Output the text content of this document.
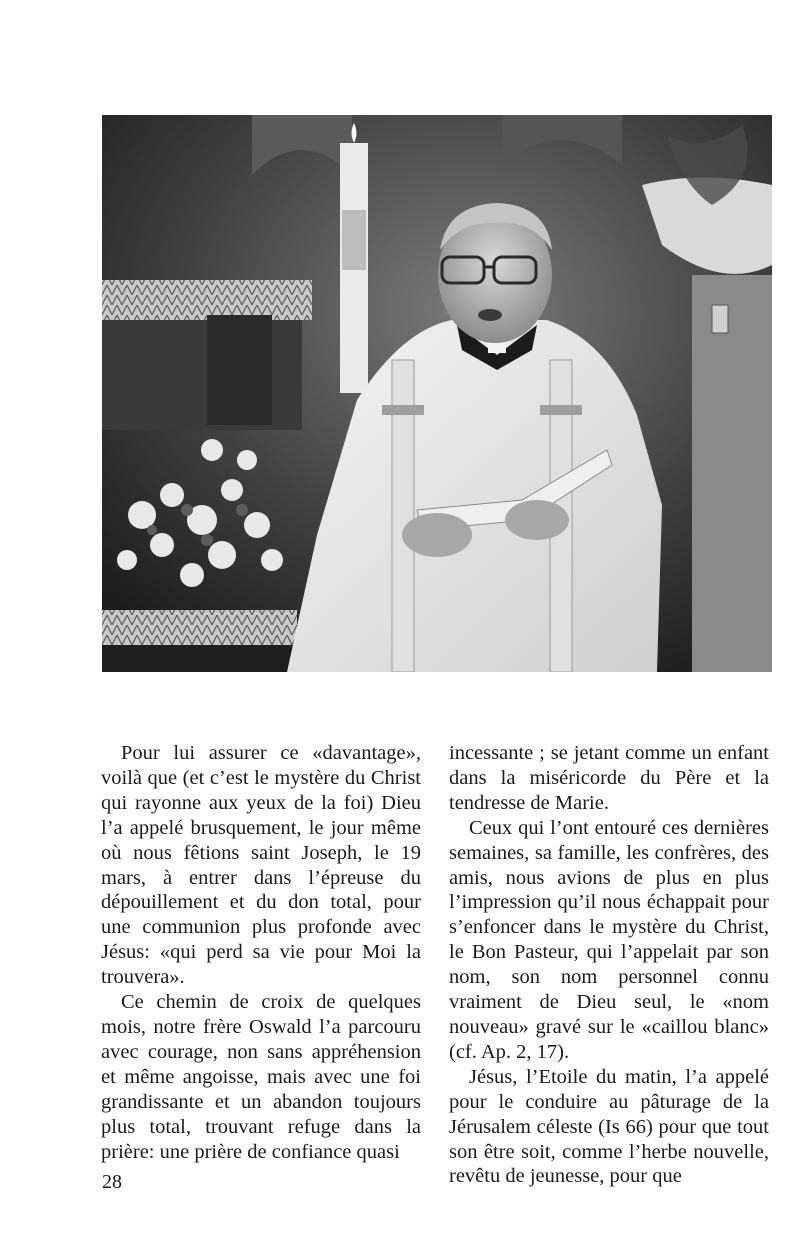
Pour lui assurer ce «davantage», voilà que (et c’est le mystère du Christ qui rayonne aux yeux de la foi) Dieu l’a appelé brusquement, le jour même où nous fêtions saint Joseph, le 19 mars, à entrer dans l’épreuse du dépouillement et du don total, pour une communion plus profonde avec Jésus: «qui perd sa vie pour Moi la trouvera».

Ce chemin de croix de quelques mois, notre frère Oswald l’a parcouru avec courage, non sans appréhension et même angoisse, mais avec une foi grandissante et un abandon toujours plus total, trouvant refuge dans la prière: une prière de confiance quasi

incessante ; se jetant comme un enfant dans la miséricorde du Père et la tendresse de Marie.

Ceux qui l’ont entouré ces dernières semaines, sa famille, les confrères, des amis, nous avions de plus en plus l’impression qu’il nous échappait pour s’enfoncer dans le mystère du Christ, le Bon Pasteur, qui l’appelait par son nom, son nom personnel connu vraiment de Dieu seul, le «nom nouveau» gravé sur le «caillou blanc» (cf. Ap. 2, 17).

Jésus, l’Etoile du matin, l’a appelé pour le conduire au pâturage de la Jérusalem céleste (Is 66) pour que tout son être soit, comme l’herbe nouvelle, revêtu de jeunesse, pour que

28
